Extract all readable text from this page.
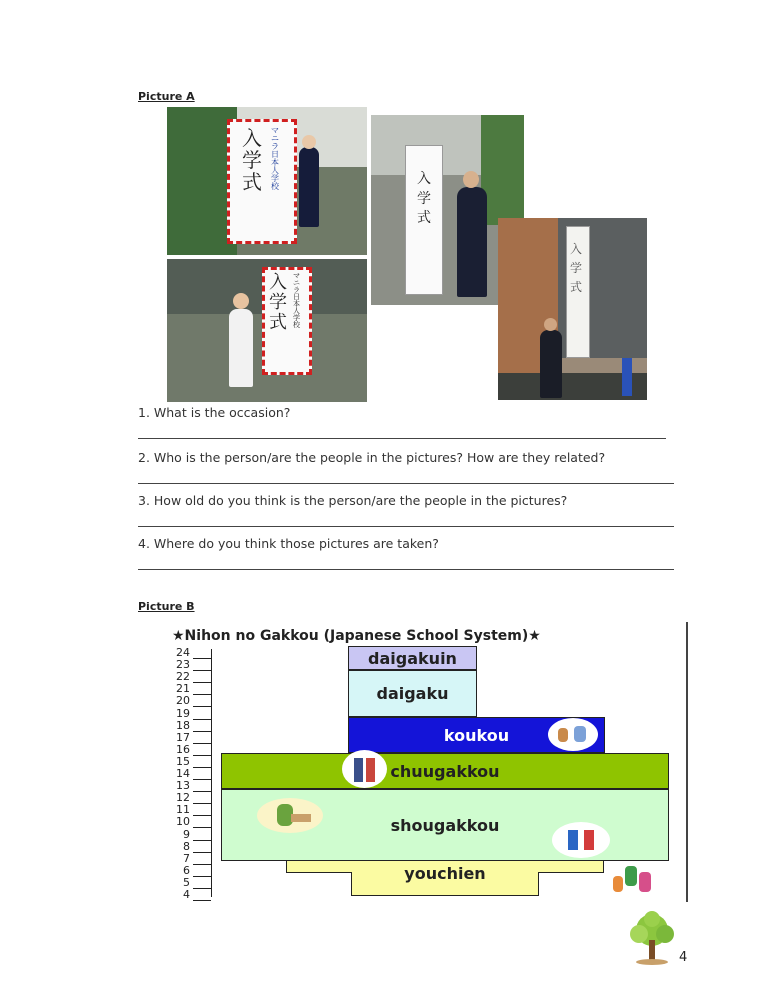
Picture A
入学式
マニラ日本人学校
入学式
マニラ日本人学校
入学式
入学式
1. What is the occasion?
2. Who is the person/are the people in the pictures? How are they related?
3. How old do you think is the person/are the people in the pictures?
4. Where do you think those pictures are taken?
Picture B
★Nihon no Gakkou (Japanese School System)★
24
23
22
21
20
19
18
17
16
15
14
13
12
11
10
9
8
7
6
5
4
daigakuin
daigaku
koukou
chuugakkou
shougakkou
youchien
4
